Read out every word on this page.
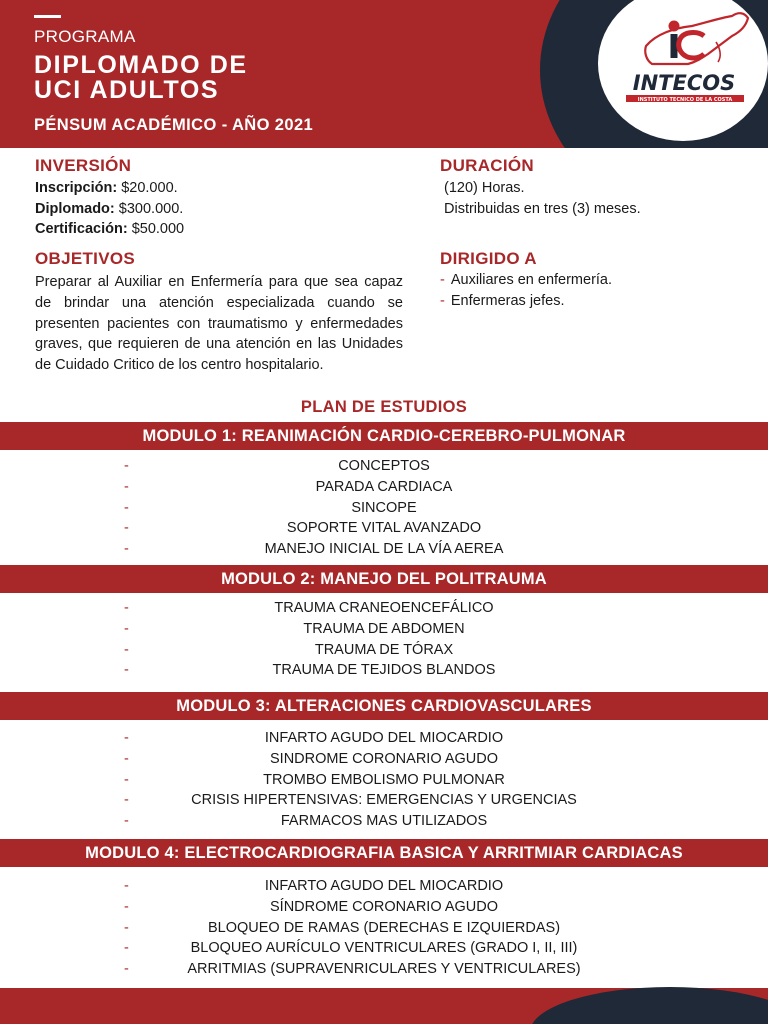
PROGRAMA
DIPLOMADO DE
UCI ADULTOS
PÉNSUM ACADÉMICO - AÑO 2021
INTECOS
INSTITUTO TECNICO DE LA COSTA
INVERSIÓN
Inscripción: $20.000.
Diplomado: $300.000.
Certificación: $50.000
DURACIÓN
(120) Horas.
Distribuidas en tres (3) meses.
OBJETIVOS
Preparar al Auxiliar en Enfermería para que sea capaz de brindar una atención especializada cuando se presenten pacientes con traumatismo y enfermedades graves, que requieren de una atención en las Unidades de Cuidado Critico de los centro hospitalario.
DIRIGIDO A
- Auxiliares en enfermería.
- Enfermeras jefes.
PLAN DE ESTUDIOS
MODULO 1: REANIMACIÓN CARDIO-CEREBRO-PULMONAR
-	CONCEPTOS
-	PARADA CARDIACA
-	SINCOPE
-	SOPORTE VITAL AVANZADO
-	MANEJO INICIAL DE LA VÍA AEREA
MODULO 2: MANEJO DEL POLITRAUMA
-	TRAUMA CRANEOENCEFÁLICO
-	TRAUMA DE ABDOMEN
-	TRAUMA DE TÓRAX
-	TRAUMA DE TEJIDOS BLANDOS
MODULO 3: ALTERACIONES CARDIOVASCULARES
-	INFARTO AGUDO DEL MIOCARDIO
-	SINDROME CORONARIO AGUDO
-	TROMBO EMBOLISMO PULMONAR
-	CRISIS HIPERTENSIVAS: EMERGENCIAS Y URGENCIAS
-	FARMACOS MAS UTILIZADOS
MODULO 4: ELECTROCARDIOGRAFIA BASICA Y ARRITMIAR CARDIACAS
-	INFARTO AGUDO DEL MIOCARDIO
-	SÍNDROME CORONARIO AGUDO
-	BLOQUEO DE RAMAS (DERECHAS E IZQUIERDAS)
-	BLOQUEO AURÍCULO VENTRICULARES (GRADO I, II, III)
-	ARRITMIAS (SUPRAVENRICULARES Y VENTRICULARES)
